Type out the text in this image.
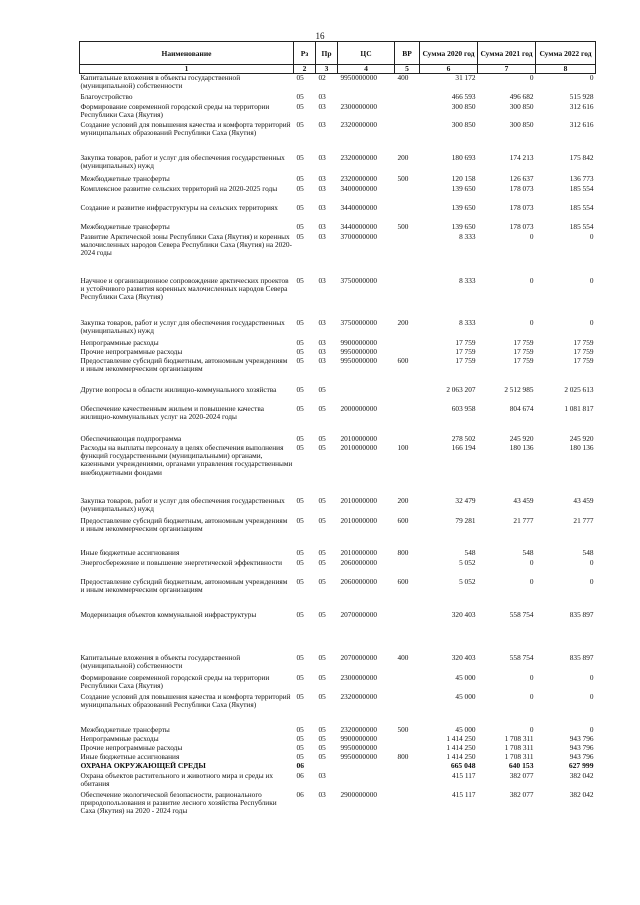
16
Наименование	Рз	Пр	ЦС	ВР	Сумма 2020 год	Сумма 2021 год	Сумма 2022 год
1	2	3	4	5	6	7	8
Капитальные вложения в объекты государственной (муниципальной) собственности	05	02	9950000000	400	31 172	0	0
Благоустройство	05	03			466 593	496 682	515 928
Формирование современной городской среды на территории Республики Саха (Якутия)	05	03	2300000000		300 850	300 850	312 616
Создание условий для повышения качества и комфорта территорий муниципальных образований Республики Саха (Якутия)	05	03	2320000000		300 850	300 850	312 616
Закупка товаров, работ и услуг для обеспечения государственных (муниципальных) нужд	05	03	2320000000	200	180 693	174 213	175 842
Межбюджетные трансферты	05	03	2320000000	500	120 158	126 637	136 773
Комплексное развитие сельских территорий на 2020-2025 годы	05	03	3400000000		139 650	178 073	185 554
Создание и развитие инфраструктуры на сельских территориях	05	03	3440000000		139 650	178 073	185 554
Межбюджетные трансферты	05	03	3440000000	500	139 650	178 073	185 554
Развитие Арктической зоны Республики Саха (Якутия) и коренных малочисленных народов Севера Республики Саха (Якутия) на 2020-2024 годы	05	03	3700000000		8 333	0	0
Научное и организационное сопровождение арктических проектов и устойчивого развития коренных малочисленных народов Севера Республики Саха (Якутия)	05	03	3750000000		8 333	0	0
Закупка товаров, работ и услуг для обеспечения государственных (муниципальных) нужд	05	03	3750000000	200	8 333	0	0
Непрограммные расходы	05	03	9900000000		17 759	17 759	17 759
Прочие непрограммные расходы	05	03	9950000000		17 759	17 759	17 759
Предоставление субсидий бюджетным, автономным учреждениям и иным некоммерческим организациям	05	03	9950000000	600	17 759	17 759	17 759
Другие вопросы в области жилищно-коммунального хозяйства	05	05			2 063 207	2 512 985	2 025 613
Обеспечение качественным жильем и повышение качества жилищно-коммунальных услуг на 2020-2024 годы	05	05	2000000000		603 958	804 674	1 081 817
Обеспечивающая подпрограмма	05	05	2010000000		278 502	245 920	245 920
Расходы на выплаты персоналу в целях обеспечения выполнения функций государственными (муниципальными) органами, казенными учреждениями, органами управления государственными внебюджетными фондами	05	05	2010000000	100	166 194	180 136	180 136
Закупка товаров, работ и услуг для обеспечения государственных (муниципальных) нужд	05	05	2010000000	200	32 479	43 459	43 459
Предоставление субсидий бюджетным, автономным учреждениям и иным некоммерческим организациям	05	05	2010000000	600	79 281	21 777	21 777
Иные бюджетные ассигнования	05	05	2010000000	800	548	548	548
Энергосбережение и повышение энергетической эффективности	05	05	2060000000		5 052	0	0
Предоставление субсидий бюджетным, автономным учреждениям и иным некоммерческим организациям	05	05	2060000000	600	5 052	0	0
Модернизация объектов коммунальной инфраструктуры	05	05	2070000000		320 403	558 754	835 897
Капитальные вложения в объекты государственной (муниципальной) собственности	05	05	2070000000	400	320 403	558 754	835 897
Формирование современной городской среды на территории Республики Саха (Якутия)	05	05	2300000000		45 000	0	0
Создание условий для повышения качества и комфорта территорий муниципальных образований Республики Саха (Якутия)	05	05	2320000000		45 000	0	0
Межбюджетные трансферты	05	05	2320000000	500	45 000	0	0
Непрограммные расходы	05	05	9900000000		1 414 250	1 708 311	943 796
Прочие непрограммные расходы	05	05	9950000000		1 414 250	1 708 311	943 796
Иные бюджетные ассигнования	05	05	9950000000	800	1 414 250	1 708 311	943 796
ОХРАНА ОКРУЖАЮЩЕЙ СРЕДЫ	06				665 048	640 153	627 999
Охрана объектов растительного и животного мира и среды их обитания	06	03			415 117	382 077	382 042
Обеспечение экологической безопасности, рационального природопользования и развитие лесного хозяйства Республики Саха (Якутия) на 2020 - 2024 годы	06	03	2900000000		415 117	382 077	382 042
